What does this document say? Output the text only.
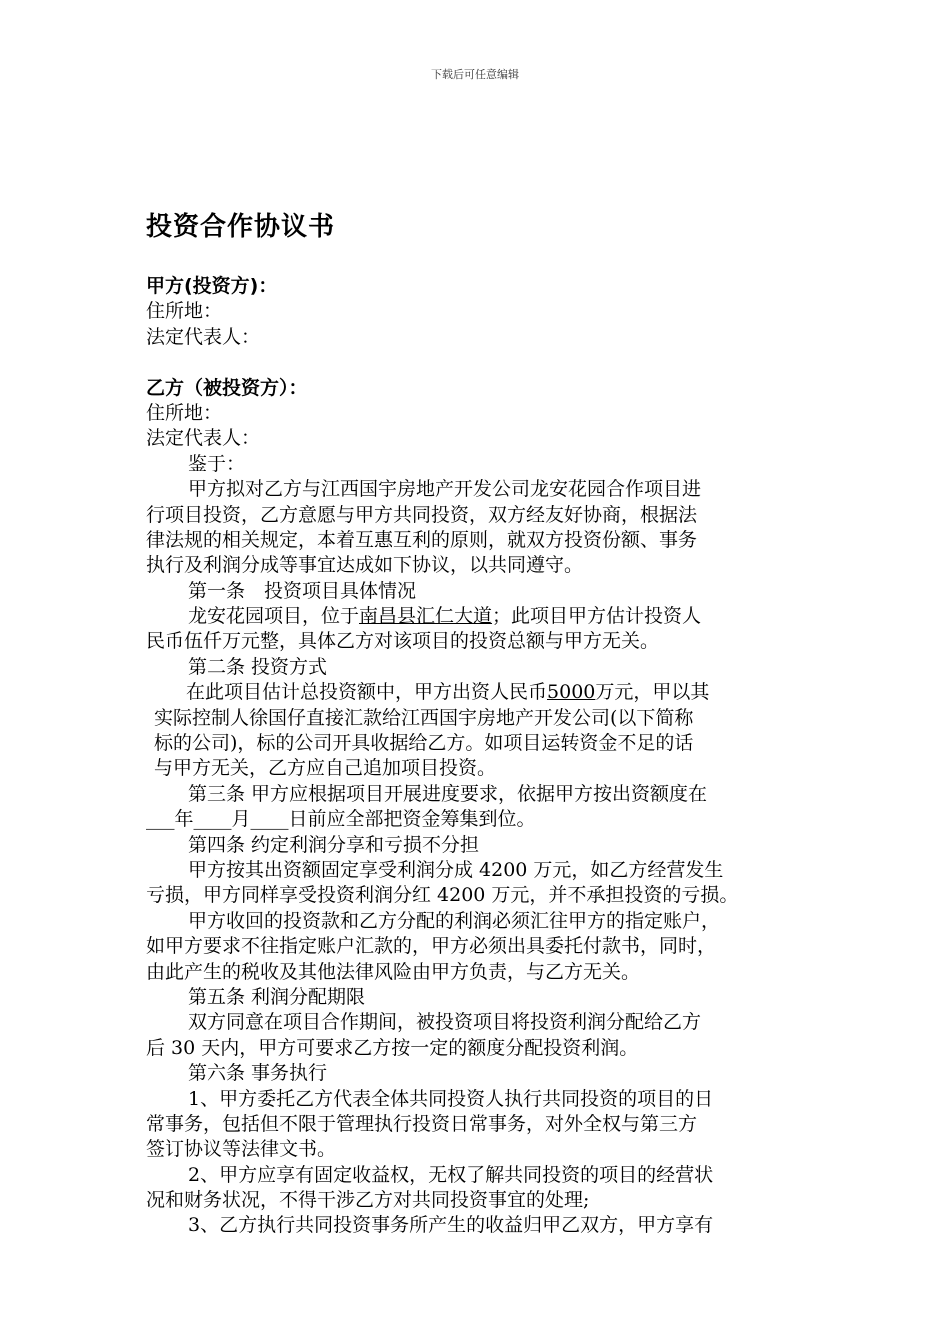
下载后可任意编辑
投资合作协议书
甲方(投资方)：
住所地：
法定代表人：
乙方（被投资方）：
住所地：
法定代表人：
鉴于：
甲方拟对乙方与江西国宇房地产开发公司龙安花园合作项目进
行项目投资，乙方意愿与甲方共同投资，双方经友好协商，根据法
律法规的相关规定，本着互惠互利的原则，就双方投资份额、事务
执行及利润分成等事宜达成如下协议，以共同遵守。
第一条　投资项目具体情况
龙安花园项目，位于南昌县汇仁大道；此项目甲方估计投资人
民币伍仟万元整，具体乙方对该项目的投资总额与甲方无关。
第二条 投资方式
在此项目估计总投资额中，甲方出资人民币5000万元，甲以其
实际控制人徐国仔直接汇款给江西国宇房地产开发公司(以下简称
标的公司)，标的公司开具收据给乙方。如项目运转资金不足的话
与甲方无关，乙方应自己追加项目投资。
第三条 甲方应根据项目开展进度要求，依据甲方按出资额度在
___年____月____日前应全部把资金筹集到位。
第四条 约定利润分享和亏损不分担
甲方按其出资额固定享受利润分成 4200 万元，如乙方经营发生
亏损，甲方同样享受投资利润分红 4200 万元，并不承担投资的亏损。
甲方收回的投资款和乙方分配的利润必须汇往甲方的指定账户，
如甲方要求不往指定账户汇款的，甲方必须出具委托付款书，同时，
由此产生的税收及其他法律风险由甲方负责，与乙方无关。
第五条 利润分配期限
双方同意在项目合作期间，被投资项目将投资利润分配给乙方
后 30 天内，甲方可要求乙方按一定的额度分配投资利润。
第六条 事务执行
1、甲方委托乙方代表全体共同投资人执行共同投资的项目的日
常事务，包括但不限于管理执行投资日常事务，对外全权与第三方
签订协议等法律文书。
2、甲方应享有固定收益权，无权了解共同投资的项目的经营状
况和财务状况，不得干涉乙方对共同投资事宜的处理;
3、乙方执行共同投资事务所产生的收益归甲乙双方，甲方享有
